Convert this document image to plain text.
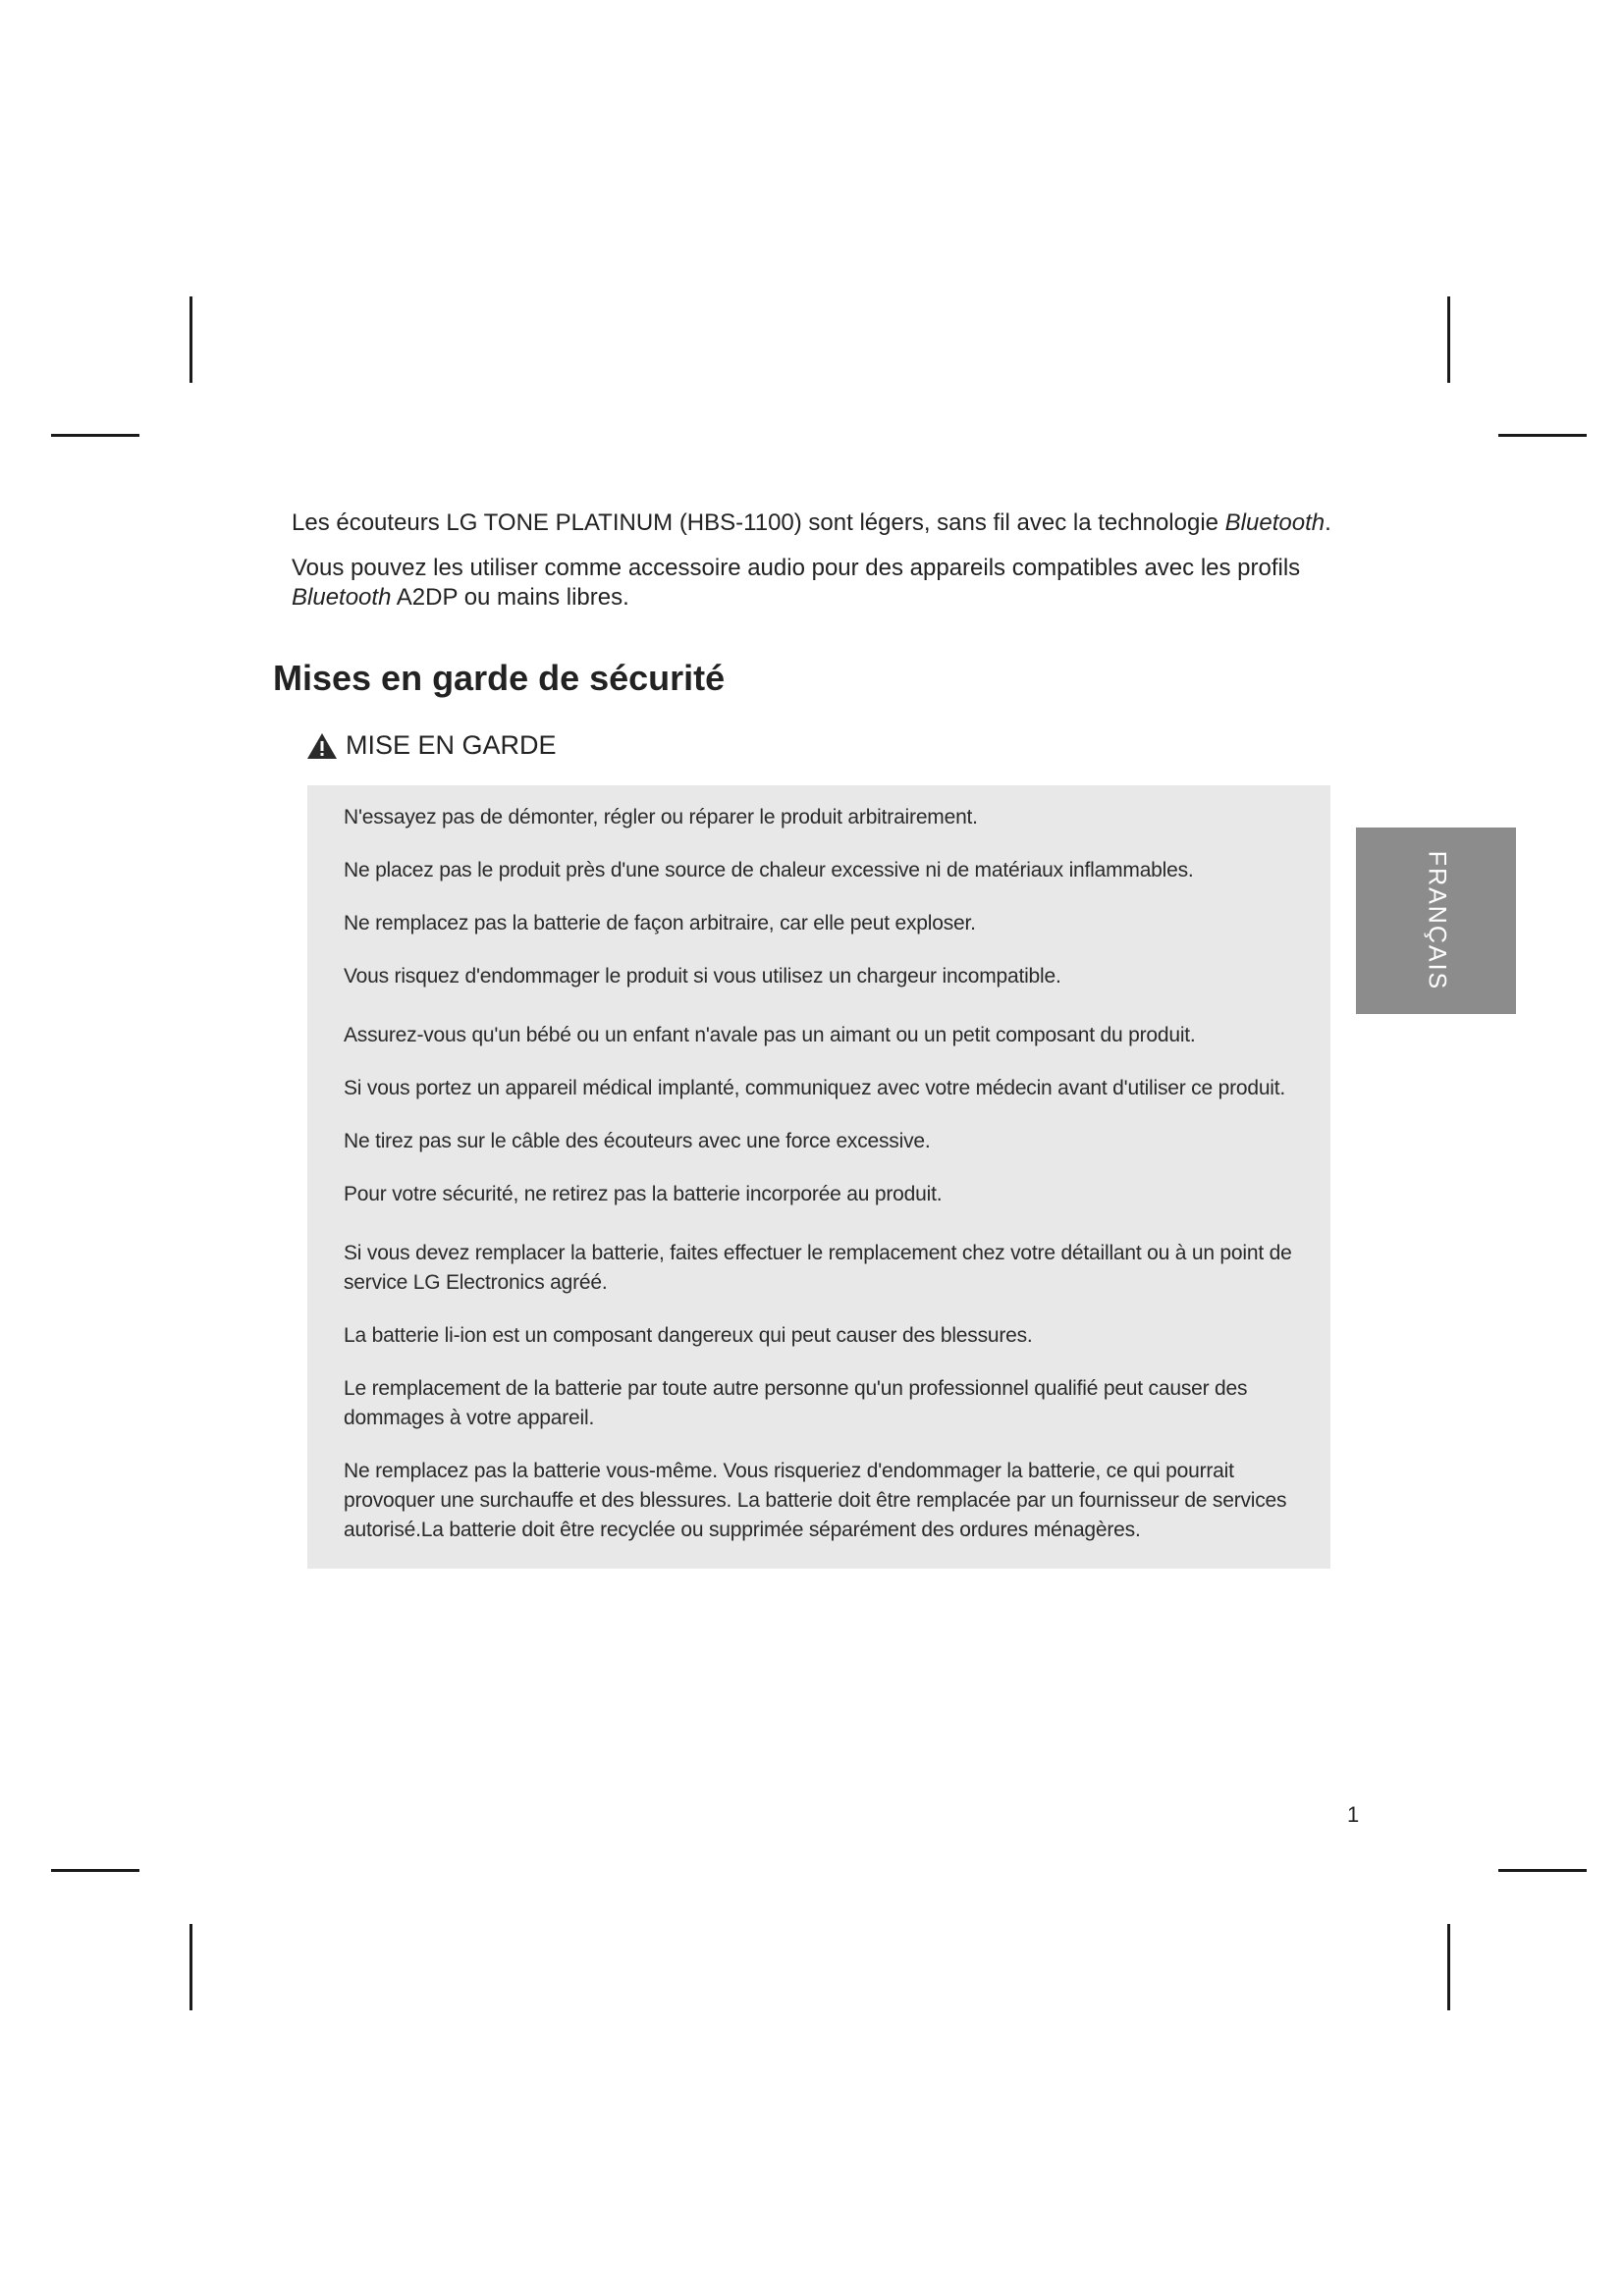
Les écouteurs LG TONE PLATINUM (HBS-1100) sont légers, sans fil avec la technologie Bluetooth.

Vous pouvez les utiliser comme accessoire audio pour des appareils compatibles avec les profils Bluetooth A2DP ou mains libres.

Mises en garde de sécurité
MISE EN GARDE

N'essayez pas de démonter, régler ou réparer le produit arbitrairement.

Ne placez pas le produit près d'une source de chaleur excessive ni de matériaux inflammables.

Ne remplacez pas la batterie de façon arbitraire, car elle peut exploser.

Vous risquez d'endommager le produit si vous utilisez un chargeur incompatible.

Assurez-vous qu'un bébé ou un enfant n'avale pas un aimant ou un petit composant du produit.

Si vous portez un appareil médical implanté, communiquez avec votre médecin avant d'utiliser ce produit.

Ne tirez pas sur le câble des écouteurs avec une force excessive.

Pour votre sécurité, ne retirez pas la batterie incorporée au produit.

Si vous devez remplacer la batterie, faites effectuer le remplacement chez votre détaillant ou à un point de service LG Electronics agréé.

La batterie li-ion est un composant dangereux qui peut causer des blessures.

Le remplacement de la batterie par toute autre personne qu'un professionnel qualifié peut causer des dommages à votre appareil.

Ne remplacez pas la batterie vous-même. Vous risqueriez d'endommager la batterie, ce qui pourrait provoquer une surchauffe et des blessures. La batterie doit être remplacée par un fournisseur de services autorisé.La batterie doit être recyclée ou supprimée séparément des ordures ménagères.

FRANÇAIS
1
